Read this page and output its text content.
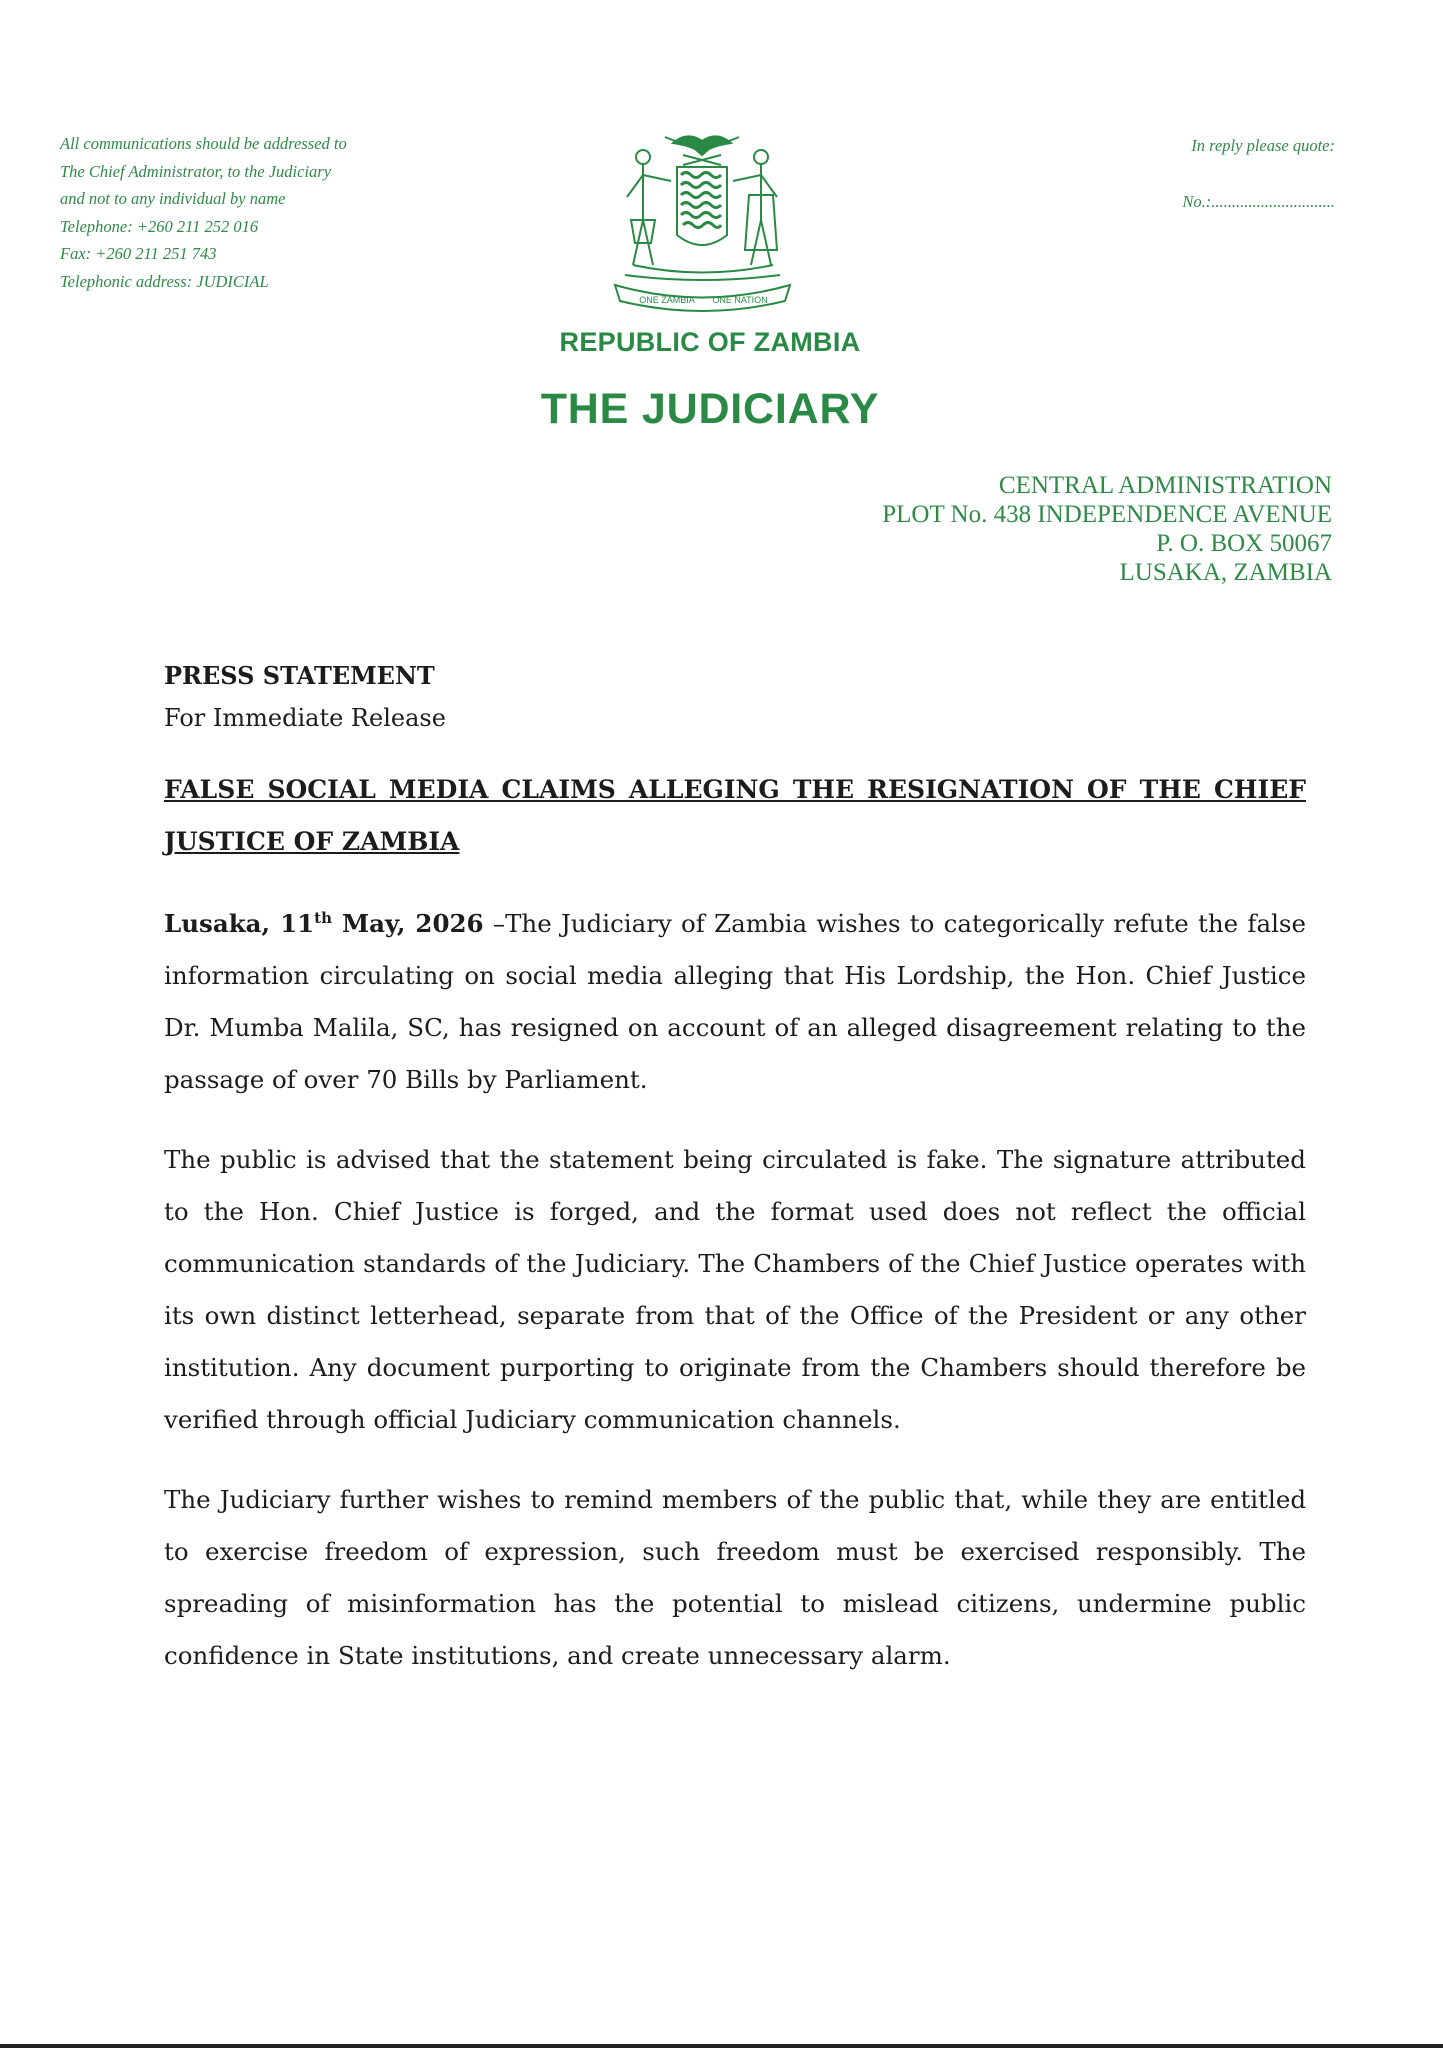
All communications should be addressed to
The Chief Administrator, to the Judiciary
and not to any individual by name
Telephone: +260 211 252 016
Fax: +260 211 251 743
Telephonic address: JUDICIAL
ONE ZAMBIA ONE NATION
In reply please quote:
No.:..............................
REPUBLIC OF ZAMBIA
THE JUDICIARY
CENTRAL ADMINISTRATION
PLOT No. 438 INDEPENDENCE AVENUE
P. O. BOX 50067
LUSAKA, ZAMBIA

PRESS STATEMENT

For Immediate Release

FALSE SOCIAL MEDIA CLAIMS ALLEGING THE RESIGNATION OF THE CHIEF JUSTICE OF ZAMBIA

Lusaka, 11th May, 2026 –The Judiciary of Zambia wishes to categorically refute the false information circulating on social media alleging that His Lordship, the Hon. Chief Justice Dr. Mumba Malila, SC, has resigned on account of an alleged disagreement relating to the passage of over 70 Bills by Parliament.

The public is advised that the statement being circulated is fake. The signature attributed to the Hon. Chief Justice is forged, and the format used does not reflect the official communication standards of the Judiciary. The Chambers of the Chief Justice operates with its own distinct letterhead, separate from that of the Office of the President or any other institution. Any document purporting to originate from the Chambers should therefore be verified through official Judiciary communication channels.

The Judiciary further wishes to remind members of the public that, while they are entitled to exercise freedom of expression, such freedom must be exercised responsibly. The spreading of misinformation has the potential to mislead citizens, undermine public confidence in State institutions, and create unnecessary alarm.
